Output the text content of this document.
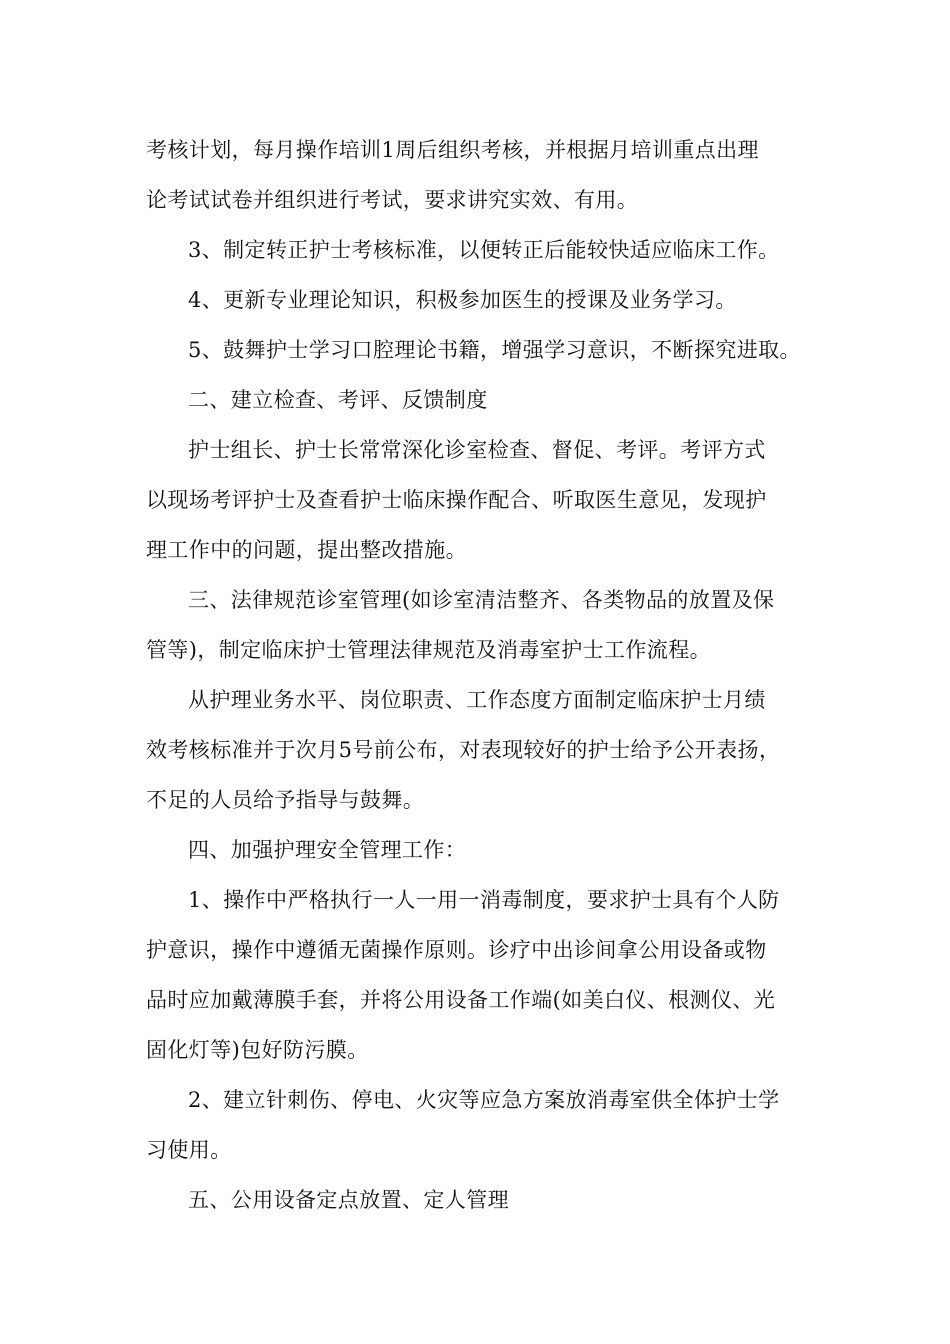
考核计划，每月操作培训1周后组织考核，并根据月培训重点出理

论考试试卷并组织进行考试，要求讲究实效、有用。

3、制定转正护士考核标准，以便转正后能较快适应临床工作。

4、更新专业理论知识，积极参加医生的授课及业务学习。

5、鼓舞护士学习口腔理论书籍，增强学习意识，不断探究进取。

二、建立检查、考评、反馈制度

护士组长、护士长常常深化诊室检查、督促、考评。考评方式

以现场考评护士及查看护士临床操作配合、听取医生意见，发现护

理工作中的问题，提出整改措施。

三、法律规范诊室管理(如诊室清洁整齐、各类物品的放置及保

管等)，制定临床护士管理法律规范及消毒室护士工作流程。

从护理业务水平、岗位职责、工作态度方面制定临床护士月绩

效考核标准并于次月5号前公布，对表现较好的护士给予公开表扬，

不足的人员给予指导与鼓舞。

四、加强护理安全管理工作：

1、操作中严格执行一人一用一消毒制度，要求护士具有个人防

护意识，操作中遵循无菌操作原则。诊疗中出诊间拿公用设备或物

品时应加戴薄膜手套，并将公用设备工作端(如美白仪、根测仪、光

固化灯等)包好防污膜。

2、建立针刺伤、停电、火灾等应急方案放消毒室供全体护士学

习使用。

五、公用设备定点放置、定人管理
